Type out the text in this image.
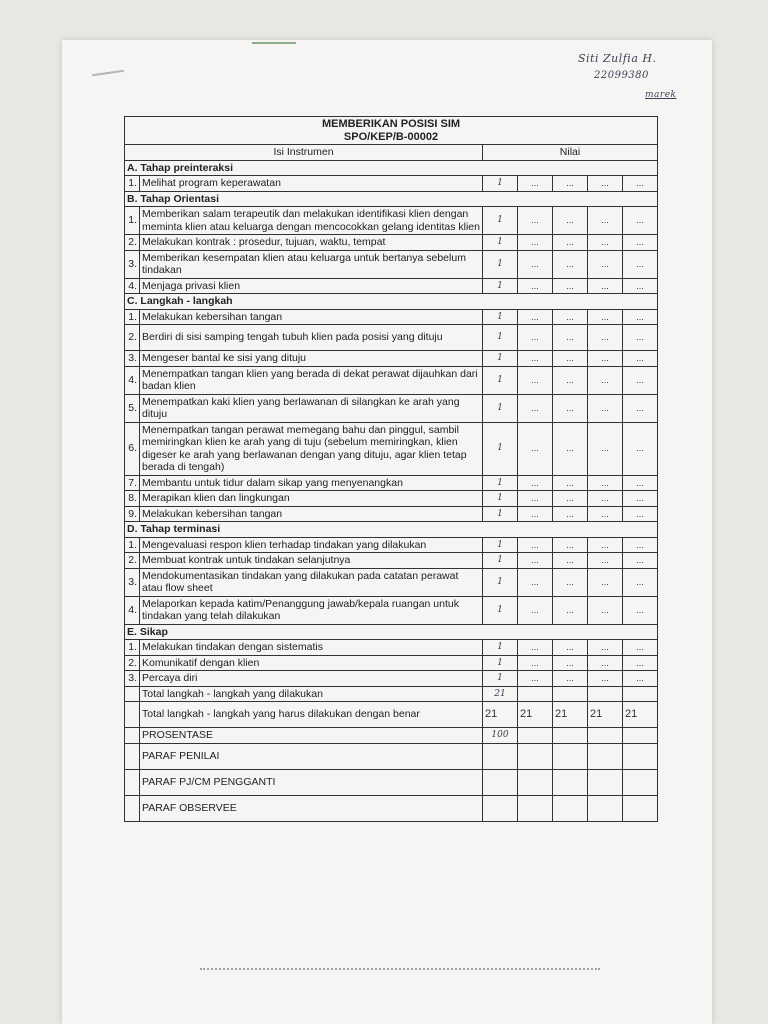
Siti Zulfia H.
22099380
marek
MEMBERIKAN POSISI SIM
SPO/KEP/B-00002						

Isi Instrumen		Nilai				
A. Tahap preinteraksi						
1.	Melihat program keperawatan	1	...	...	...	...
B. Tahap Orientasi						
1.	Memberikan salam terapeutik dan melakukan identifikasi klien dengan meminta klien atau keluarga dengan mencocokkan gelang identitas klien	1	...	...	...	...
2.	Melakukan kontrak : prosedur, tujuan, waktu, tempat	1	...	...	...	...
3.	Memberikan kesempatan klien atau keluarga untuk bertanya sebelum tindakan	1	...	...	...	...
4.	Menjaga privasi klien	1	...	...	...	...
C. Langkah - langkah						
1.	Melakukan kebersihan tangan	1	...	...	...	...
2.	Berdiri di sisi samping tengah tubuh klien pada posisi yang dituju	1	...	...	...	...
3.	Mengeser bantal ke sisi yang dituju	1	...	...	...	...
4.	Menempatkan tangan klien yang berada di dekat perawat dijauhkan dari badan klien	1	...	...	...	...
5.	Menempatkan kaki klien yang berlawanan di silangkan ke arah yang dituju	1	...	...	...	...
6.	Menempatkan tangan perawat memegang bahu dan pinggul, sambil memiringkan klien ke arah yang di tuju (sebelum memiringkan, klien digeser ke arah yang berlawanan dengan yang dituju, agar klien tetap berada di tengah)	1	...	...	...	...
7.	Membantu untuk tidur dalam sikap yang menyenangkan	1	...	...	...	...
8.	Merapikan klien dan lingkungan	1	...	...	...	...
9.	Melakukan kebersihan tangan	1	...	...	...	...
D. Tahap terminasi						
1.	Mengevaluasi respon klien terhadap tindakan yang dilakukan	1	...	...	...	...
2.	Membuat kontrak untuk tindakan selanjutnya	1	...	...	...	...
3.	Mendokumentasikan tindakan yang dilakukan pada catatan perawat atau flow sheet	1	...	...	...	...
4.	Melaporkan kepada katim/Penanggung jawab/kepala ruangan untuk tindakan yang telah dilakukan	1	...	...	...	...
E. Sikap						
1.	Melakukan tindakan dengan sistematis	1	...	...	...	...
2.	Komunikatif dengan klien	1	...	...	...	...
3.	Percaya diri	1	...	...	...	...
	Total langkah - langkah yang dilakukan	21				
	Total langkah - langkah yang harus dilakukan dengan benar	21	21	21	21	21
	PROSENTASE	100				
	PARAF PENILAI					
	PARAF PJ/CM PENGGANTI					
	PARAF OBSERVEE					
